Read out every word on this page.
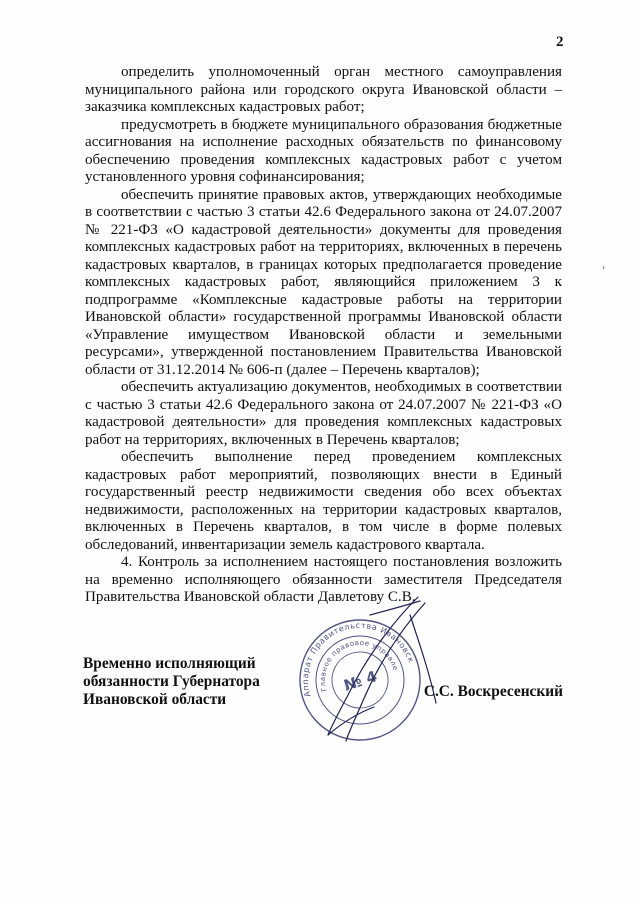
2

определить уполномоченный орган местного самоуправления муниципального района или городского округа Ивановской области – заказчика комплексных кадастровых работ;

предусмотреть в бюджете муниципального образования бюджетные ассигнования на исполнение расходных обязательств по финансовому обеспечению проведения комплексных кадастровых работ с учетом установленного уровня софинансирования;

обеспечить принятие правовых актов, утверждающих необходимые в соответствии с частью 3 статьи 42.6 Федерального закона от 24.07.2007 № 221-ФЗ «О кадастровой деятельности» документы для проведения комплексных кадастровых работ на территориях, включенных в перечень кадастровых кварталов, в границах которых предполагается проведение комплексных кадастровых работ, являющийся приложением 3 к подпрограмме «Комплексные кадастровые работы на территории Ивановской области» государственной программы Ивановской области «Управление имуществом Ивановской области и земельными ресурсами», утвержденной постановлением Правительства Ивановской области от 31.12.2014 № 606-п (далее – Перечень кварталов);

обеспечить актуализацию документов, необходимых в соответствии с частью 3 статьи 42.6 Федерального закона от 24.07.2007 № 221-ФЗ «О кадастровой деятельности» для проведения комплексных кадастровых работ на территориях, включенных в Перечень кварталов;

обеспечить выполнение перед проведением комплексных кадастровых работ мероприятий, позволяющих внести в Единый государственный реестр недвижимости сведения обо всех объектах недвижимости, расположенных на территории кадастровых кварталов, включенных в Перечень кварталов, в том числе в форме полевых обследований, инвентаризации земель кадастрового квартала.

4. Контроль за исполнением настоящего постановления возложить на временно исполняющего обязанности заместителя Председателя Правительства Ивановской области Давлетову С.В.

Аппарат Правительства Ивановской
Главное правовое управление
№ 4
Временно исполняющий
обязанности Губернатора
Ивановской области	С.С. Воскресенский
›
